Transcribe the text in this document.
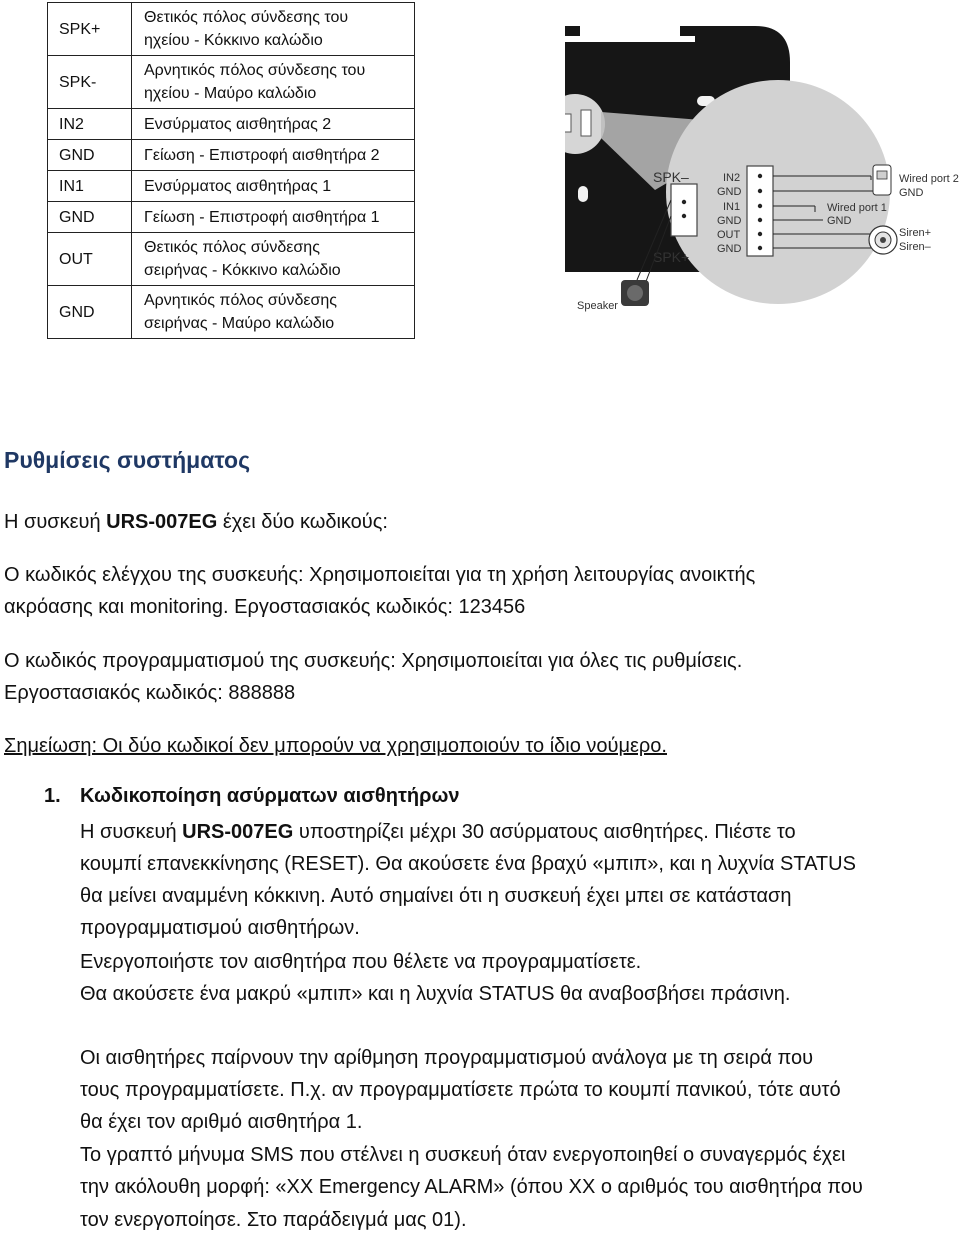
SPK+	Θετικός πόλος σύνδεσης του
ηχείου - Κόκκινο καλώδιο
SPK-	Αρνητικός πόλος σύνδεσης του
ηχείου - Μαύρο καλώδιο
IN2	Ενσύρματος αισθητήρας 2
GND	Γείωση - Επιστροφή αισθητήρα 2
IN1	Ενσύρματος αισθητήρας 1
GND	Γείωση - Επιστροφή αισθητήρα 1
OUT	Θετικός πόλος σύνδεσης
σειρήνας - Κόκκινο καλώδιο
GND	Αρνητικός πόλος σύνδεσης
σειρήνας - Μαύρο καλώδιο
SPK–
SPK+
IN2
GND
IN1
GND
OUT
GND
Wired port 2
GND
Wired port 1
GND
Siren+
Siren–
Speaker
Ρυθμίσεις συστήματος

Η συσκευή URS-007EG έχει δύο κωδικούς:

Ο κωδικός ελέγχου της συσκευής: Χρησιμοποιείται για τη χρήση λειτουργίας ανοικτής

ακρόασης και monitoring. Εργοστασιακός κωδικός: 123456

Ο κωδικός προγραμματισμού της συσκευής: Χρησιμοποιείται για όλες τις ρυθμίσεις.

Εργοστασιακός κωδικός: 888888

Σημείωση: Οι δύο κωδικοί δεν μπορούν να χρησιμοποιούν το ίδιο νούμερο.

1. Κωδικοποίηση ασύρματων αισθητήρων

Η συσκευή URS-007EG υποστηρίζει μέχρι 30 ασύρματους αισθητήρες. Πιέστε το

κουμπί επανεκκίνησης (RESET). Θα ακούσετε ένα βραχύ «μπιπ», και η λυχνία STATUS

θα μείνει αναμμένη κόκκινη. Αυτό σημαίνει ότι η συσκευή έχει μπει σε κατάσταση

προγραμματισμού αισθητήρων.

Ενεργοποιήστε τον αισθητήρα που θέλετε να προγραμματίσετε.

Θα ακούσετε ένα μακρύ «μπιπ» και η λυχνία STATUS θα αναβοσβήσει πράσινη.

Οι αισθητήρες παίρνουν την αρίθμηση προγραμματισμού ανάλογα με τη σειρά που

τους προγραμματίσετε. Π.χ. αν προγραμματίσετε πρώτα το κουμπί πανικού, τότε αυτό

θα έχει τον αριθμό αισθητήρα 1.

Το γραπτό μήνυμα SMS που στέλνει η συσκευή όταν ενεργοποιηθεί ο συναγερμός έχει

την ακόλουθη μορφή: «XX Emergency ALARM» (όπου XX ο αριθμός του αισθητήρα που

τον ενεργοποίησε. Στο παράδειγμά μας 01).
